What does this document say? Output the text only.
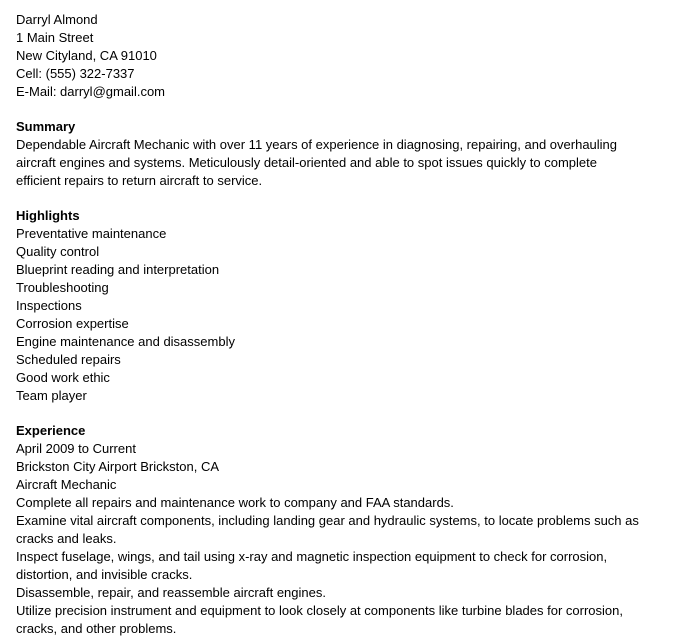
Darryl Almond
1 Main Street
New Cityland, CA 91010
Cell: (555) 322-7337
E-Mail: darryl@gmail.com
Summary
Dependable Aircraft Mechanic with over 11 years of experience in diagnosing, repairing, and overhauling
aircraft engines and systems. Meticulously detail-oriented and able to spot issues quickly to complete
efficient repairs to return aircraft to service.
Highlights
Preventative maintenance
Quality control
Blueprint reading and interpretation
Troubleshooting
Inspections
Corrosion expertise
Engine maintenance and disassembly
Scheduled repairs
Good work ethic
Team player
Experience
April 2009 to Current
Brickston City Airport Brickston, CA
Aircraft Mechanic
Complete all repairs and maintenance work to company and FAA standards.
Examine vital aircraft components, including landing gear and hydraulic systems, to locate problems such as
cracks and leaks.
Inspect fuselage, wings, and tail using x-ray and magnetic inspection equipment to check for corrosion,
distortion, and invisible cracks.
Disassemble, repair, and reassemble aircraft engines.
Utilize precision instrument and equipment to look closely at components like turbine blades for corrosion,
cracks, and other problems.
